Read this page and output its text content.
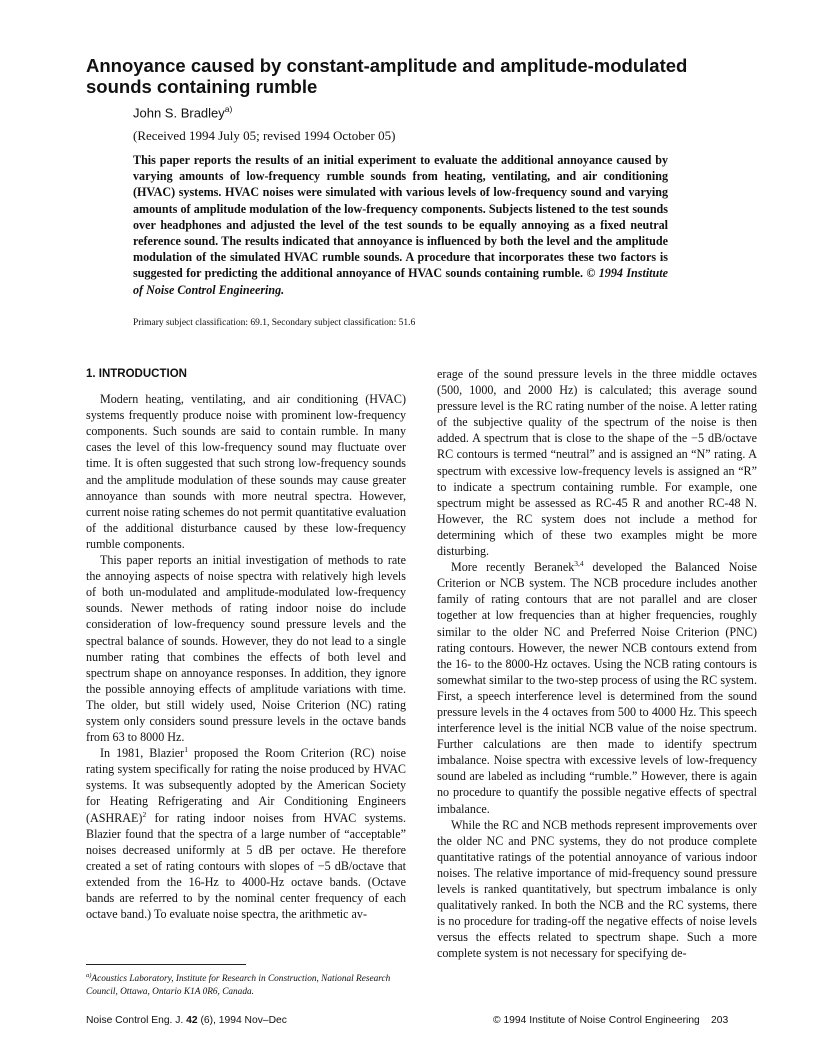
Annoyance caused by constant-amplitude and amplitude-modulated sounds containing rumble
John S. Bradley$^{a)}$
(Received 1994 July 05; revised 1994 October 05)

This paper reports the results of an initial experiment to evaluate the additional annoyance caused by varying amounts of low-frequency rumble sounds from heating, ventilating, and air conditioning (HVAC) systems. HVAC noises were simulated with various levels of low-frequency sound and varying amounts of amplitude modulation of the low-frequency components. Subjects listened to the test sounds over headphones and adjusted the level of the test sounds to be equally annoying as a fixed neutral reference sound. The results indicated that annoyance is influenced by both the level and the amplitude modulation of the simulated HVAC rumble sounds. A procedure that incorporates these two factors is suggested for predicting the additional annoyance of HVAC sounds containing rumble. © 1994 Institute of Noise Control Engineering.

Primary subject classification: 69.1, Secondary subject classification: 51.6
1. INTRODUCTION

Modern heating, ventilating, and air conditioning (HVAC) systems frequently produce noise with prominent low-frequency components. Such sounds are said to contain rumble. In many cases the level of this low-frequency sound may fluctuate over time. It is often suggested that such strong low-frequency sounds and the amplitude modulation of these sounds may cause greater annoyance than sounds with more neutral spectra. However, current noise rating schemes do not permit quantitative evaluation of the additional disturbance caused by these low-frequency rumble components.

This paper reports an initial investigation of methods to rate the annoying aspects of noise spectra with relatively high levels of both un-modulated and amplitude-modulated low-frequency sounds. Newer methods of rating indoor noise do include consideration of low-frequency sound pressure levels and the spectral balance of sounds. However, they do not lead to a single number rating that combines the effects of both level and spectrum shape on annoyance responses. In addition, they ignore the possible annoying effects of amplitude variations with time. The older, but still widely used, Noise Criterion (NC) rating system only considers sound pressure levels in the octave bands from 63 to 8000 Hz.

In 1981, Blazier$^1$ proposed the Room Criterion (RC) noise rating system specifically for rating the noise produced by HVAC systems. It was subsequently adopted by the American Society for Heating Refrigerating and Air Conditioning Engineers (ASHRAE)$^2$ for rating indoor noises from HVAC systems. Blazier found that the spectra of a large number of “acceptable” noises decreased uniformly at 5 dB per octave. He therefore created a set of rating contours with slopes of −5 dB/octave that extended from the 16-Hz to 4000-Hz octave bands. (Octave bands are referred to by the nominal center frequency of each octave band.) To evaluate noise spectra, the arithmetic av-

erage of the sound pressure levels in the three middle octaves (500, 1000, and 2000 Hz) is calculated; this average sound pressure level is the RC rating number of the noise. A letter rating of the subjective quality of the spectrum of the noise is then added. A spectrum that is close to the shape of the −5 dB/octave RC contours is termed “neutral” and is assigned an “N” rating. A spectrum with excessive low-frequency levels is assigned an “R” to indicate a spectrum containing rumble. For example, one spectrum might be assessed as RC-45 R and another RC-48 N. However, the RC system does not include a method for determining which of these two examples might be more disturbing.

More recently Beranek$^{3,4}$ developed the Balanced Noise Criterion or NCB system. The NCB procedure includes another family of rating contours that are not parallel and are closer together at low frequencies than at higher frequencies, roughly similar to the older NC and Preferred Noise Criterion (PNC) rating contours. However, the newer NCB contours extend from the 16- to the 8000-Hz octaves. Using the NCB rating contours is somewhat similar to the two-step process of using the RC system. First, a speech interference level is determined from the sound pressure levels in the 4 octaves from 500 to 4000 Hz. This speech interference level is the initial NCB value of the noise spectrum. Further calculations are then made to identify spectrum imbalance. Noise spectra with excessive levels of low-frequency sound are labeled as including “rumble.” However, there is again no procedure to quantify the possible negative effects of spectral imbalance.

While the RC and NCB methods represent improvements over the older NC and PNC systems, they do not produce complete quantitative ratings of the potential annoyance of various indoor noises. The relative importance of mid-frequency sound pressure levels is ranked quantitatively, but spectrum imbalance is only qualitatively ranked. In both the NCB and the RC systems, there is no procedure for trading-off the negative effects of noise levels versus the effects related to spectrum shape. Such a more complete system is not necessary for specifying de-

$^{a)}$Acoustics Laboratory, Institute for Research in Construction, National Research Council, Ottawa, Ontario K1A 0R6, Canada.
Noise Control Eng. J. 42 (6), 1994 Nov–Dec	© 1994 Institute of Noise Control Engineering 203
